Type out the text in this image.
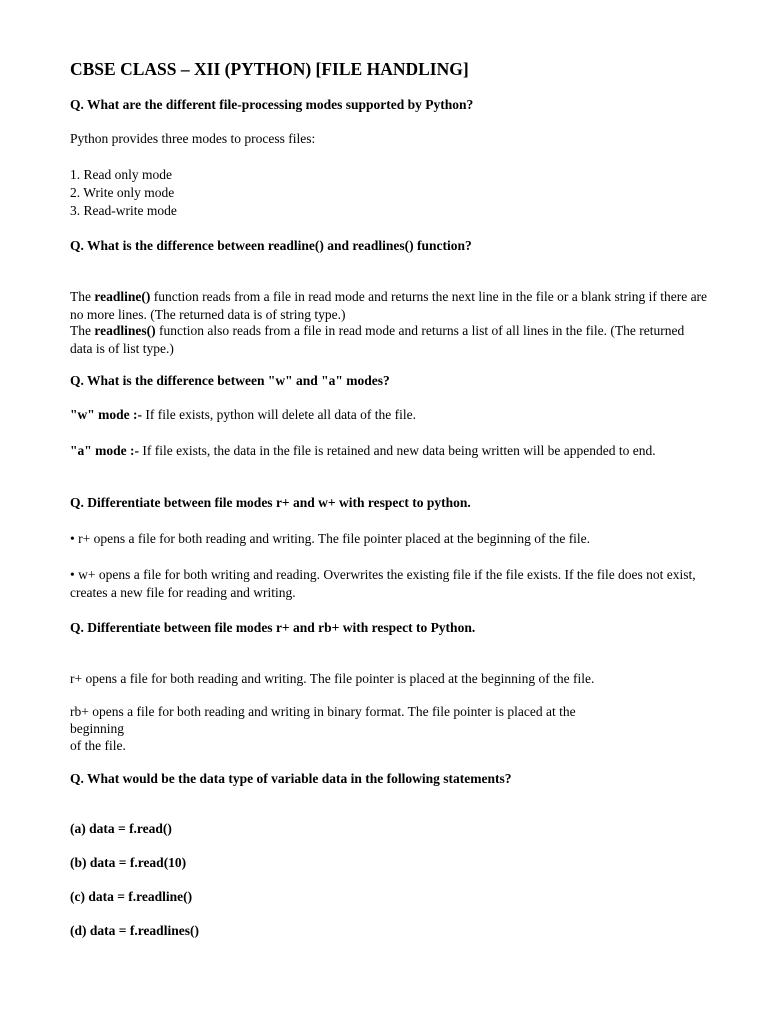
CBSE CLASS – XII (PYTHON) [FILE HANDLING]
Q. What are the different file-processing modes supported by Python?
Python provides three modes to process files:
1. Read only mode
2. Write only mode
3. Read-write mode
Q. What is the difference between readline() and readlines() function?
The readline() function reads from a file in read mode and returns the next line in the file or a blank string if there are no more lines. (The returned data is of string type.)
The readlines() function also reads from a file in read mode and returns a list of all lines in the file. (The returned data is of list type.)
Q. What is the difference between "w" and "a" modes?
"w" mode :- If file exists, python will delete all data of the file.
"a" mode :- If file exists, the data in the file is retained and new data being written will be appended to end.
Q. Differentiate between file modes r+ and w+ with respect to python.
• r+ opens a file for both reading and writing. The file pointer placed at the beginning of the file.
• w+ opens a file for both writing and reading. Overwrites the existing file if the file exists. If the file does not exist, creates a new file for reading and writing.
Q. Differentiate between file modes r+ and rb+ with respect to Python.
r+ opens a file for both reading and writing. The file pointer is placed at the beginning of the file.
rb+ opens a file for both reading and writing in binary format. The file pointer is placed at the
beginning
of the file.
Q. What would be the data type of variable data in the following statements?
(a) data = f.read()
(b) data = f.read(10)
(c) data = f.readline()
(d) data = f.readlines()
